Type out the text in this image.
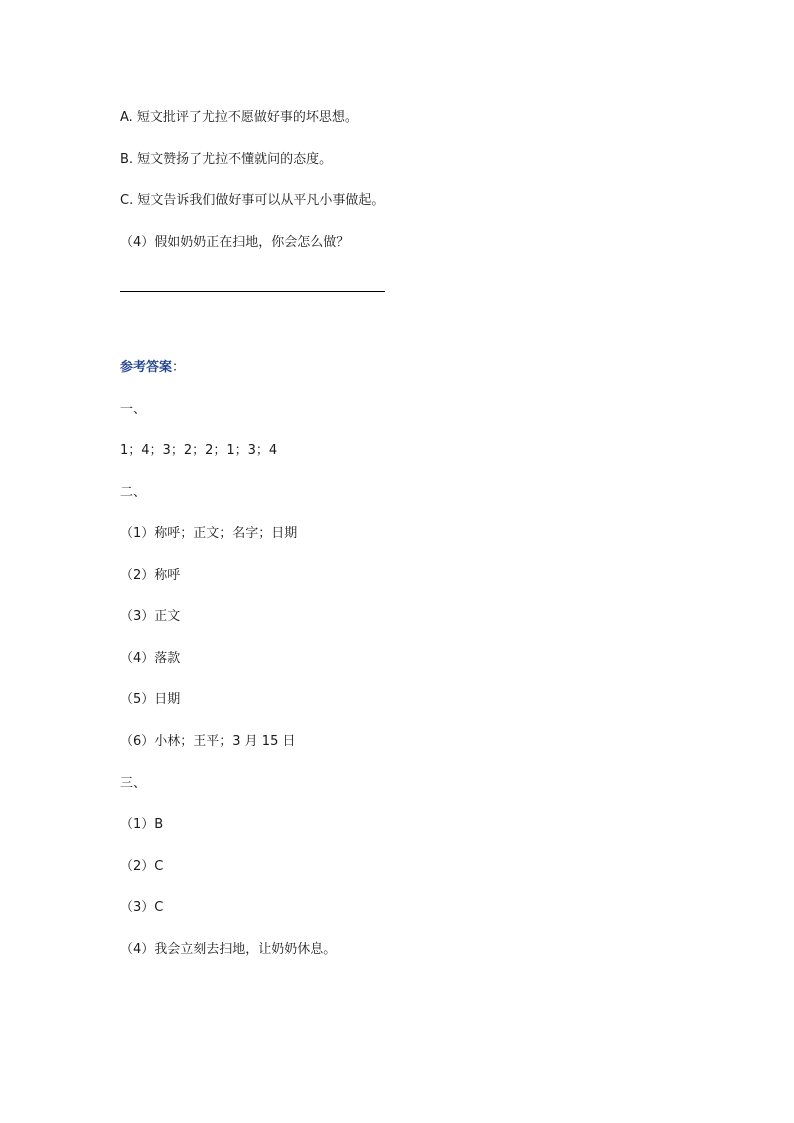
A. 短文批评了尤拉不愿做好事的坏思想。
B. 短文赞扬了尤拉不懂就问的态度。
C. 短文告诉我们做好事可以从平凡小事做起。
（4）假如奶奶正在扫地，你会怎么做？
参考答案：
一、
1；4；3；2；2；1；3；4
二、
（1）称呼；正文；名字；日期
（2）称呼
（3）正文
（4）落款
（5）日期
（6）小林；王平；3 月 15 日
三、
（1）B
（2）C
（3）C
（4）我会立刻去扫地，让奶奶休息。
